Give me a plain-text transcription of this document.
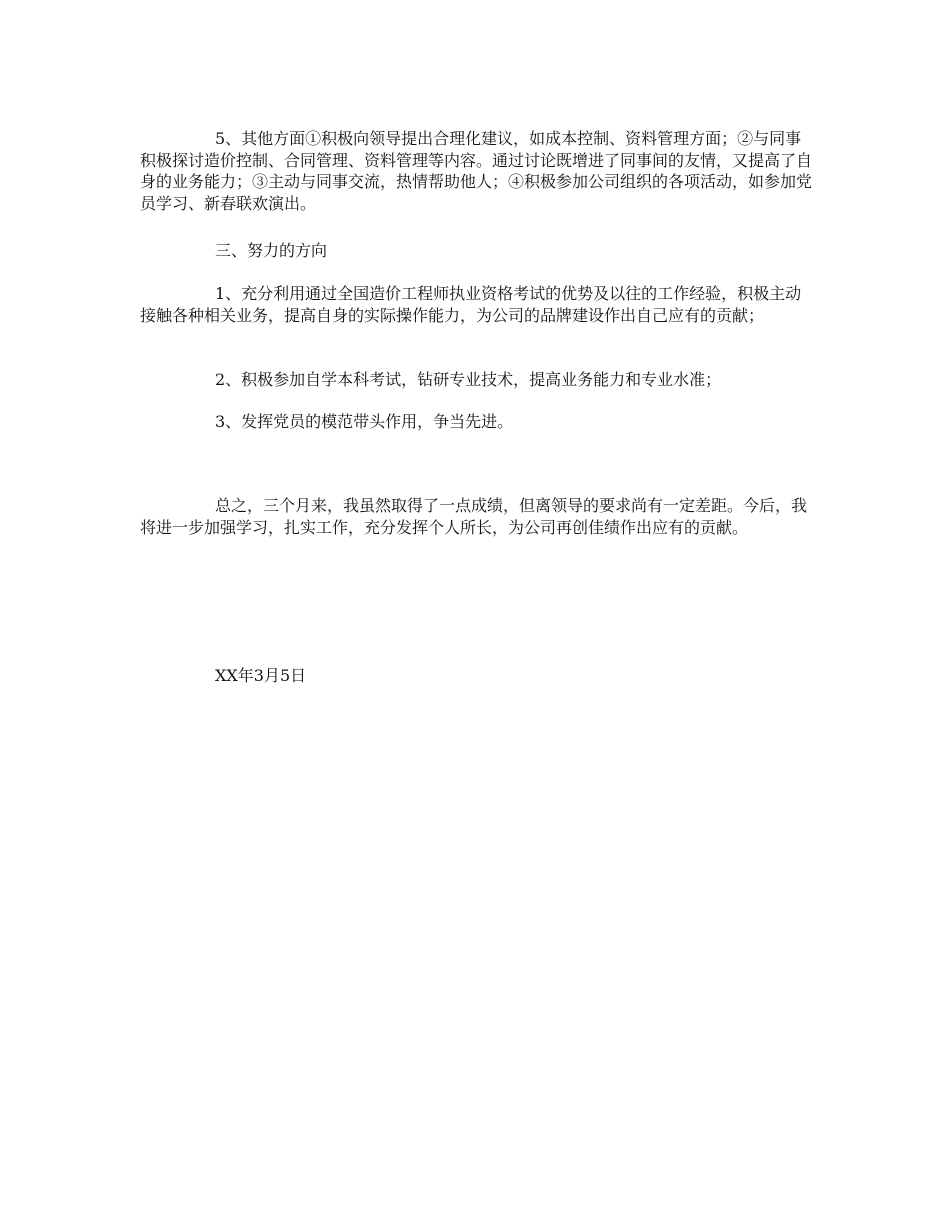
5、其他方面①积极向领导提出合理化建议，如成本控制、资料管理方面；②与同事积极探讨造价控制、合同管理、资料管理等内容。通过讨论既增进了同事间的友情，又提高了自身的业务能力；③主动与同事交流，热情帮助他人；④积极参加公司组织的各项活动，如参加党员学习、新春联欢演出。

三、努力的方向

1、充分利用通过全国造价工程师执业资格考试的优势及以往的工作经验，积极主动接触各种相关业务，提高自身的实际操作能力，为公司的品牌建设作出自己应有的贡献；

2、积极参加自学本科考试，钻研专业技术，提高业务能力和专业水准；

3、发挥党员的模范带头作用，争当先进。

总之，三个月来，我虽然取得了一点成绩，但离领导的要求尚有一定差距。今后，我将进一步加强学习，扎实工作，充分发挥个人所长，为公司再创佳绩作出应有的贡献。

XX年3月5日
